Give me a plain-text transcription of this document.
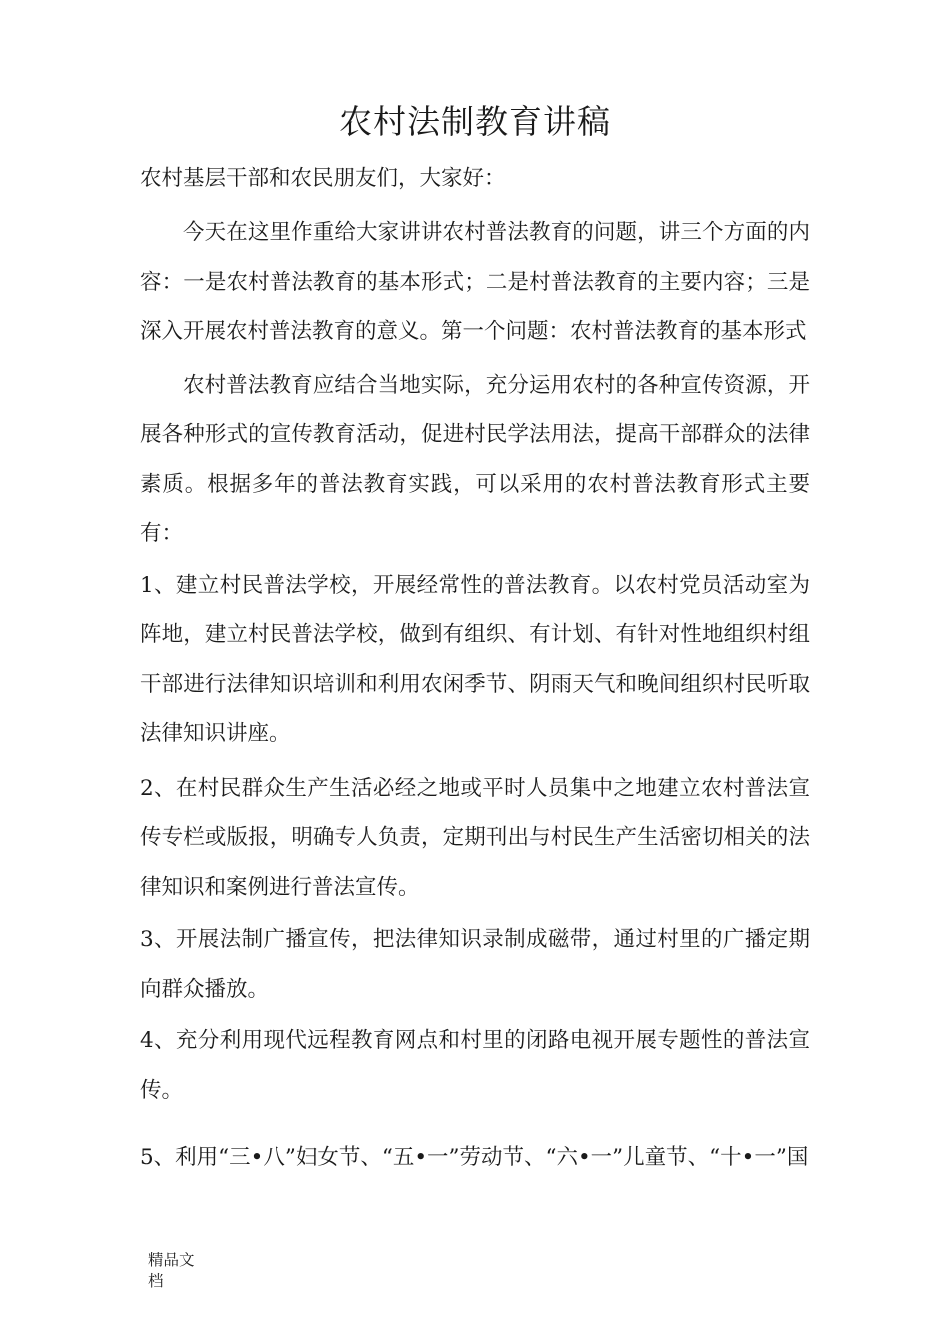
农村法制教育讲稿

农村基层干部和农民朋友们，大家好：

今天在这里作重给大家讲讲农村普法教育的问题，讲三个方面的内容：一是农村普法教育的基本形式；二是村普法教育的主要内容；三是深入开展农村普法教育的意义。第一个问题：农村普法教育的基本形式

农村普法教育应结合当地实际，充分运用农村的各种宣传资源，开展各种形式的宣传教育活动，促进村民学法用法，提高干部群众的法律素质。根据多年的普法教育实践，可以采用的农村普法教育形式主要有：

1、建立村民普法学校，开展经常性的普法教育。以农村党员活动室为阵地，建立村民普法学校，做到有组织、有计划、有针对性地组织村组干部进行法律知识培训和利用农闲季节、阴雨天气和晚间组织村民听取法律知识讲座。

2、在村民群众生产生活必经之地或平时人员集中之地建立农村普法宣传专栏或版报，明确专人负责，定期刊出与村民生产生活密切相关的法律知识和案例进行普法宣传。

3、开展法制广播宣传，把法律知识录制成磁带，通过村里的广播定期向群众播放。

4、充分利用现代远程教育网点和村里的闭路电视开展专题性的普法宣传。

5、利用“三•八”妇女节、“五•一”劳动节、“六•一”儿童节、“十•一”国

精品文
档
